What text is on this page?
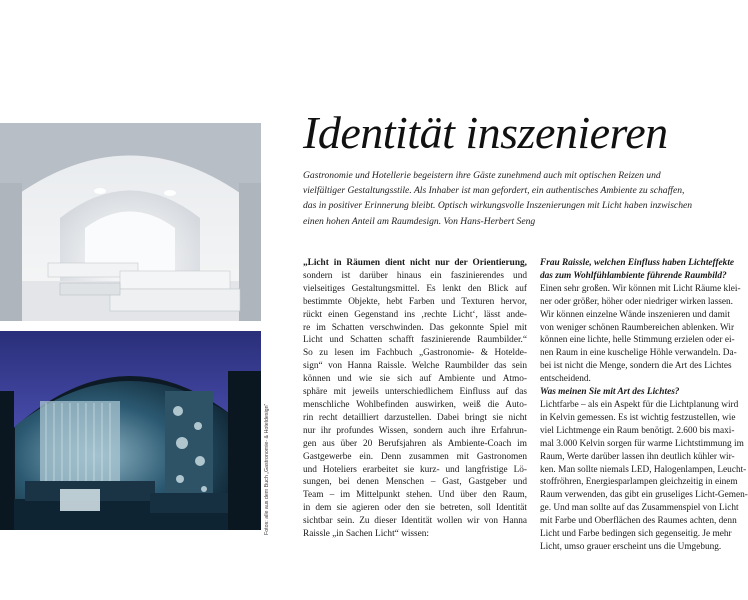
Fotos: alle aus dem Buch „Gastronomie- & Hoteldesign“
Identität inszenieren

Gastronomie und Hotellerie begeistern ihre Gäste zunehmend auch mit optischen Reizen und
vielfältiger Gestaltungsstile. Als Inhaber ist man gefordert, ein authentisches Ambiente zu schaffen,
das in positiver Erinnerung bleibt. Optisch wirkungsvolle Inszenierungen mit Licht haben inzwischen
einen hohen Anteil am Raumdesign. Von Hans-Herbert Seng

„Licht in Räumen dient nicht nur der Orientierung,
sondern ist darüber hinaus ein faszinierendes und
vielseitiges Gestaltungsmittel. Es lenkt den Blick auf
bestimmte Objekte, hebt Farben und Texturen hervor,
rückt einen Gegenstand ins ‚rechte Licht‘, lässt ande-
re im Schatten verschwinden. Das gekonnte Spiel mit
Licht und Schatten schafft faszinierende Raumbilder.“
So zu lesen im Fachbuch „Gastronomie- & Hotelde-
sign“ von Hanna Raissle. Welche Raumbilder das sein
können und wie sie sich auf Ambiente und Atmo-
sphäre mit jeweils unterschiedlichem Einfluss auf das
menschliche Wohlbefinden auswirken, weiß die Auto-
rin recht detailliert darzustellen. Dabei bringt sie nicht
nur ihr profundes Wissen, sondern auch ihre Erfahrun-
gen aus über 20 Berufsjahren als Ambiente-Coach im
Gastgewerbe ein. Denn zusammen mit Gastronomen
und Hoteliers erarbeitet sie kurz- und langfristige Lö-
sungen, bei denen Menschen – Gast, Gastgeber und
Team – im Mittelpunkt stehen. Und über den Raum,
in dem sie agieren oder den sie betreten, soll Identität
sichtbar sein. Zu dieser Identität wollen wir von Hanna
Raissle „in Sachen Licht“ wissen:
Frau Raissle, welchen Einfluss haben Lichteffekte
das zum Wohlfühlambiente führende Raumbild?
Einen sehr großen. Wir können mit Licht Räume klei-
ner oder größer, höher oder niedriger wirken lassen.
Wir können einzelne Wände inszenieren und damit
von weniger schönen Raumbereichen ablenken. Wir
können eine lichte, helle Stimmung erzielen oder ei-
nen Raum in eine kuschelige Höhle verwandeln. Da-
bei ist nicht die Menge, sondern die Art des Lichtes
entscheidend.
Was meinen Sie mit Art des Lichtes?
Lichtfarbe – als ein Aspekt für die Lichtplanung wird
in Kelvin gemessen. Es ist wichtig festzustellen, wie
viel Lichtmenge ein Raum benötigt. 2.600 bis maxi-
mal 3.000 Kelvin sorgen für warme Lichtstimmung im
Raum, Werte darüber lassen ihn deutlich kühler wir-
ken. Man sollte niemals LED, Halogenlampen, Leucht-
stoffröhren, Energiesparlampen gleichzeitig in einem
Raum verwenden, das gibt ein gruseliges Licht-Gemen-
ge. Und man sollte auf das Zusammenspiel von Licht
mit Farbe und Oberflächen des Raumes achten, denn
Licht und Farbe bedingen sich gegenseitig. Je mehr
Licht, umso grauer erscheint uns die Umgebung.
